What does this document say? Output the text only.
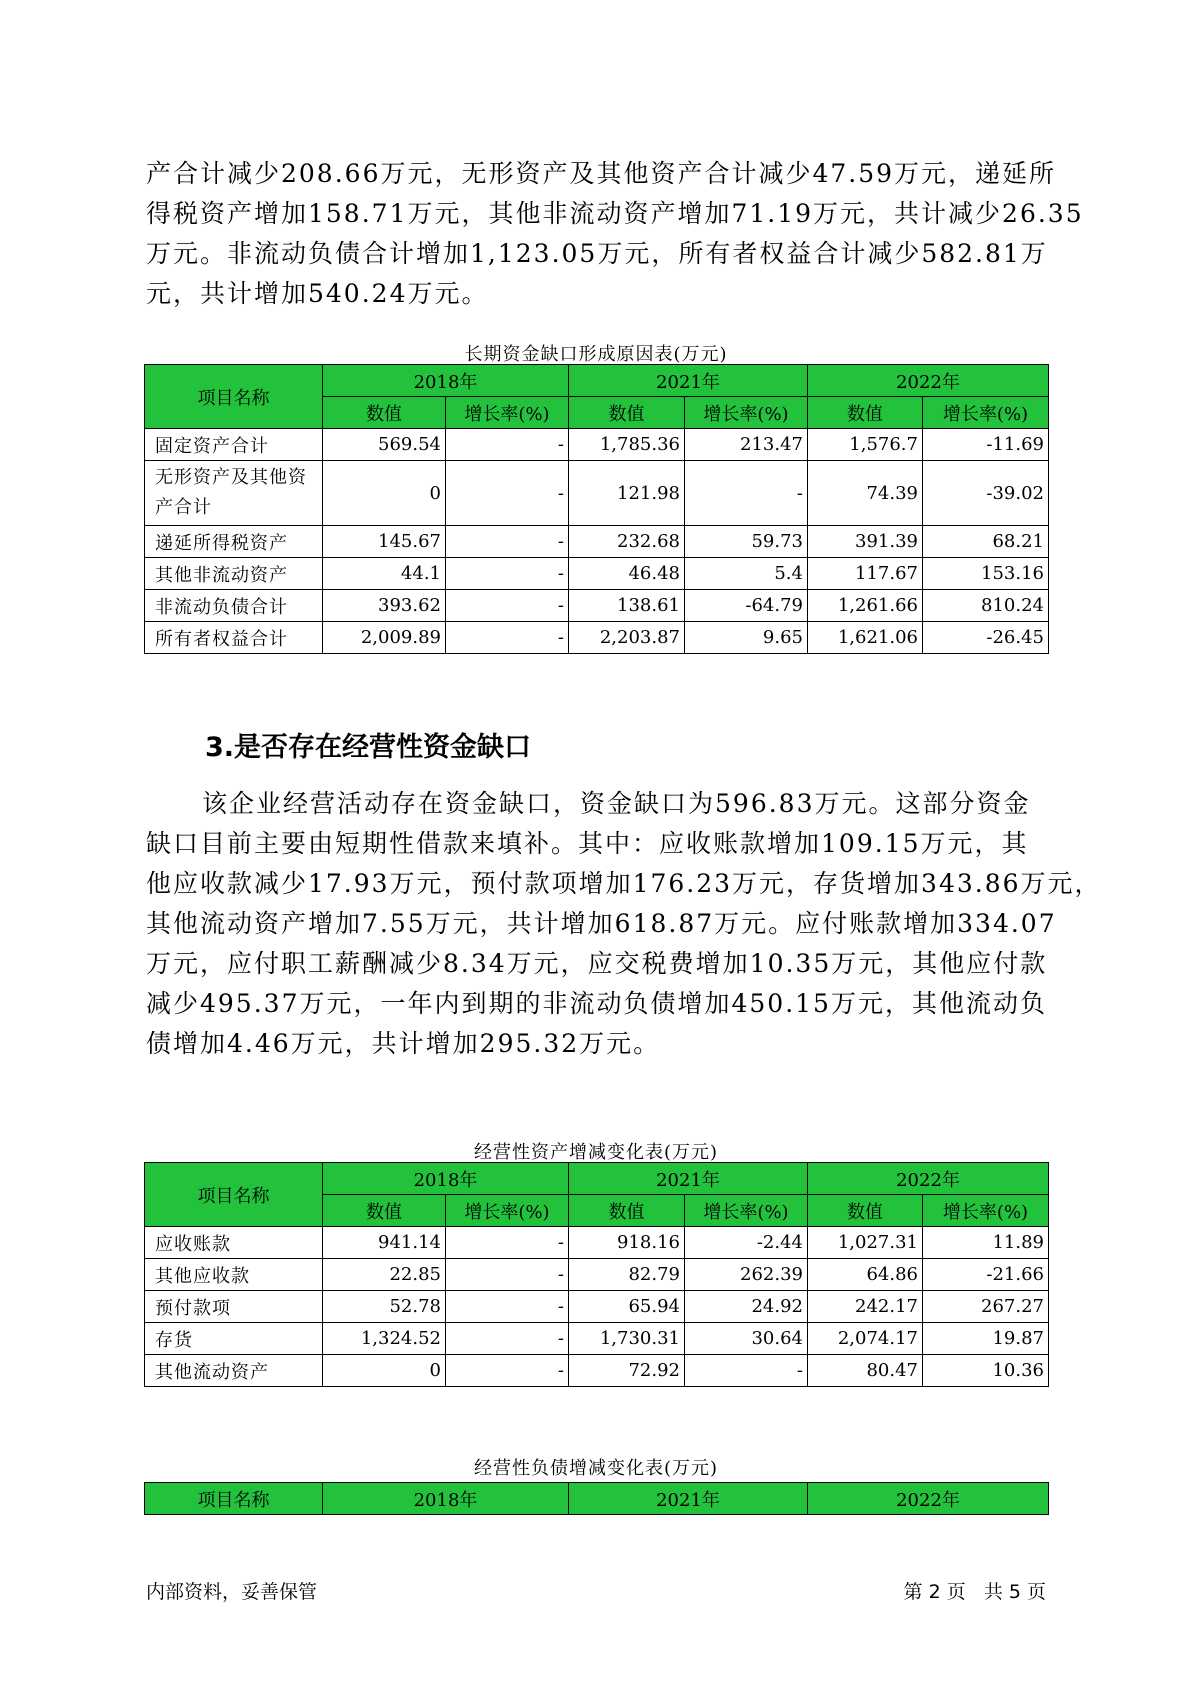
产合计减少208.66万元，无形资产及其他资产合计减少47.59万元，递延所
得税资产增加158.71万元，其他非流动资产增加71.19万元，共计减少26.35
万元。非流动负债合计增加1,123.05万元，所有者权益合计减少582.81万
元，共计增加540.24万元。
长期资金缺口形成原因表(万元)
项目名称	2018年		2021年		2022年	
	数值	增长率(%)	数值	增长率(%)	数值	增长率(%)
固定资产合计	569.54	-	1,785.36	213.47	1,576.7	-11.69
无形资产及其他资产合计	0	-	121.98	-	74.39	-39.02
递延所得税资产	145.67	-	232.68	59.73	391.39	68.21
其他非流动资产	44.1	-	46.48	5.4	117.67	153.16
非流动负债合计	393.62	-	138.61	-64.79	1,261.66	810.24
所有者权益合计	2,009.89	-	2,203.87	9.65	1,621.06	-26.45
3.是否存在经营性资金缺口
该企业经营活动存在资金缺口，资金缺口为596.83万元。这部分资金
缺口目前主要由短期性借款来填补。其中：应收账款增加109.15万元，其
他应收款减少17.93万元，预付款项增加176.23万元，存货增加343.86万元，
其他流动资产增加7.55万元，共计增加618.87万元。应付账款增加334.07
万元，应付职工薪酬减少8.34万元，应交税费增加10.35万元，其他应付款
减少495.37万元，一年内到期的非流动负债增加450.15万元，其他流动负
债增加4.46万元，共计增加295.32万元。
经营性资产增减变化表(万元)
项目名称	2018年		2021年		2022年	
	数值	增长率(%)	数值	增长率(%)	数值	增长率(%)
应收账款	941.14	-	918.16	-2.44	1,027.31	11.89
其他应收款	22.85	-	82.79	262.39	64.86	-21.66
预付款项	52.78	-	65.94	24.92	242.17	267.27
存货	1,324.52	-	1,730.31	30.64	2,074.17	19.87
其他流动资产	0	-	72.92	-	80.47	10.36
经营性负债增减变化表(万元)
项目名称	2018年	2021年	2022年
内部资料，妥善保管	第 2 页   共 5 页
